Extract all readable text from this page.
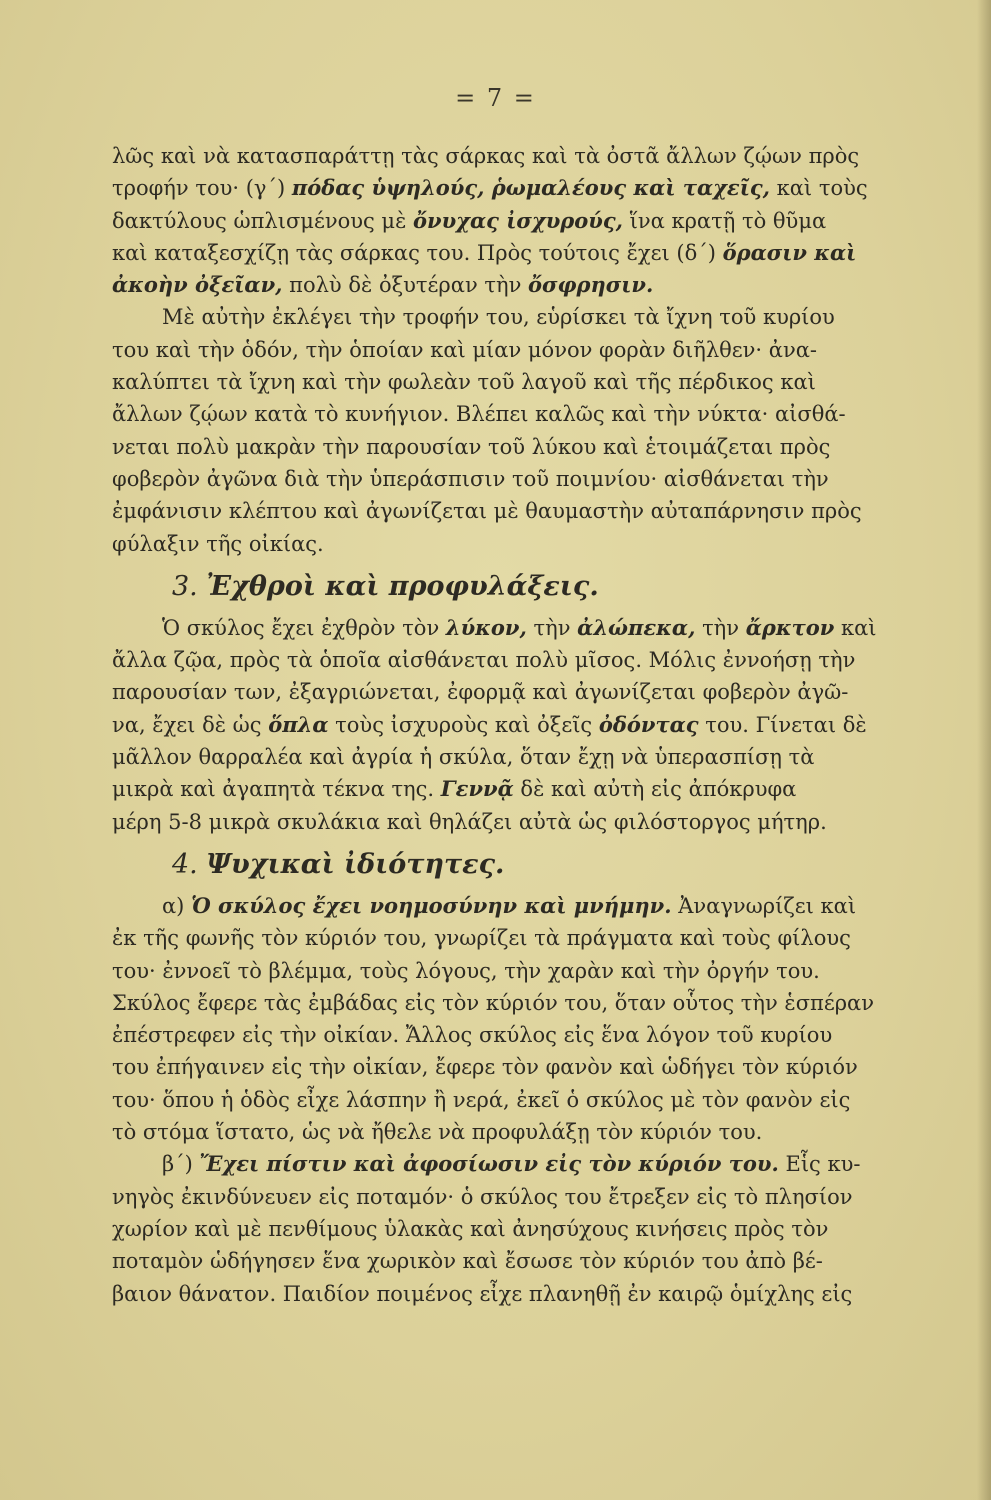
= 7 =
λῶς καὶ νὰ κατασπαράττῃ τὰς σάρκας καὶ τὰ ὀστᾶ ἄλλων ζῴων πρὸς
τροφήν του· (γ΄) πόδας ὑψηλούς, ῥωμαλέους καὶ ταχεῖς, καὶ τοὺς
δακτύλους ὡπλισμένους μὲ ὄνυχας ἰσχυρούς, ἵνα κρατῇ τὸ θῦμα
καὶ καταξεσχίζῃ τὰς σάρκας του. Πρὸς τούτοις ἔχει (δ΄) ὅρασιν καὶ
ἀκοὴν ὀξεῖαν, πολὺ δὲ ὀξυτέραν τὴν ὄσφρησιν.
Μὲ αὐτὴν ἐκλέγει τὴν τροφήν του, εὑρίσκει τὰ ἴχνη τοῦ κυρίου
του καὶ τὴν ὁδόν, τὴν ὁποίαν καὶ μίαν μόνον φορὰν διῆλθεν· ἀνα-
καλύπτει τὰ ἴχνη καὶ τὴν φωλεὰν τοῦ λαγοῦ καὶ τῆς πέρδικος καὶ
ἄλλων ζῴων κατὰ τὸ κυνήγιον. Βλέπει καλῶς καὶ τὴν νύκτα· αἰσθά-
νεται πολὺ μακρὰν τὴν παρουσίαν τοῦ λύκου καὶ ἑτοιμάζεται πρὸς
φοβερὸν ἀγῶνα διὰ τὴν ὑπεράσπισιν τοῦ ποιμνίου· αἰσθάνεται τὴν
ἐμφάνισιν κλέπτου καὶ ἀγωνίζεται μὲ θαυμαστὴν αὐταπάρνησιν πρὸς
φύλαξιν τῆς οἰκίας.
3. Ἐχθροὶ καὶ προφυλάξεις.
Ὁ σκύλος ἔχει ἐχθρὸν τὸν λύκον, τὴν ἀλώπεκα, τὴν ἄρκτον καὶ
ἄλλα ζῷα, πρὸς τὰ ὁποῖα αἰσθάνεται πολὺ μῖσος. Μόλις ἐννοήσῃ τὴν
παρουσίαν των, ἐξαγριώνεται, ἐφορμᾷ καὶ ἀγωνίζεται φοβερὸν ἀγῶ-
να, ἔχει δὲ ὡς ὅπλα τοὺς ἰσχυροὺς καὶ ὀξεῖς ὀδόντας του. Γίνεται δὲ
μᾶλλον θαρραλέα καὶ ἀγρία ἡ σκύλα, ὅταν ἔχῃ νὰ ὑπερασπίσῃ τὰ
μικρὰ καὶ ἀγαπητὰ τέκνα της. Γεννᾷ δὲ καὶ αὐτὴ εἰς ἀπόκρυφα
μέρη 5-8 μικρὰ σκυλάκια καὶ θηλάζει αὐτὰ ὡς φιλόστοργος μήτηρ.
4. Ψυχικαὶ ἰδιότητες.
α) Ὁ σκύλος ἔχει νοημοσύνην καὶ μνήμην. Ἀναγνωρίζει καὶ
ἐκ τῆς φωνῆς τὸν κύριόν του, γνωρίζει τὰ πράγματα καὶ τοὺς φίλους
του· ἐννοεῖ τὸ βλέμμα, τοὺς λόγους, τὴν χαρὰν καὶ τὴν ὀργήν του.
Σκύλος ἔφερε τὰς ἐμβάδας εἰς τὸν κύριόν του, ὅταν οὗτος τὴν ἑσπέραν
ἐπέστρεφεν εἰς τὴν οἰκίαν. Ἄλλος σκύλος εἰς ἕνα λόγον τοῦ κυρίου
του ἐπήγαινεν εἰς τὴν οἰκίαν, ἔφερε τὸν φανὸν καὶ ὡδήγει τὸν κύριόν
του· ὅπου ἡ ὁδὸς εἶχε λάσπην ἢ νερά, ἐκεῖ ὁ σκύλος μὲ τὸν φανὸν εἰς
τὸ στόμα ἵστατο, ὡς νὰ ἤθελε νὰ προφυλάξῃ τὸν κύριόν του.
β΄) Ἔχει πίστιν καὶ ἀφοσίωσιν εἰς τὸν κύριόν του. Εἷς κυ-
νηγὸς ἐκινδύνευεν εἰς ποταμόν· ὁ σκύλος του ἔτρεξεν εἰς τὸ πλησίον
χωρίον καὶ μὲ πενθίμους ὑλακὰς καὶ ἀνησύχους κινήσεις πρὸς τὸν
ποταμὸν ὡδήγησεν ἕνα χωρικὸν καὶ ἔσωσε τὸν κύριόν του ἀπὸ βέ-
βαιον θάνατον. Παιδίον ποιμένος εἶχε πλανηθῇ ἐν καιρῷ ὁμίχλης εἰς
